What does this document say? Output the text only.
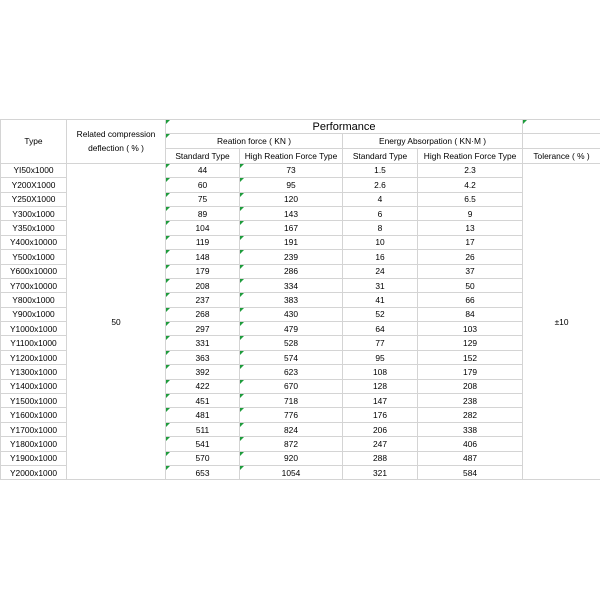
Type	Related compression deflection ( % )	Performance				
		Reation force ( KN )		Energy Absorpation ( KN·M )		
		Standard Type	High Reation Force Type	Standard Type	High Reation Force Type	Tolerance ( % )
YI50x1000	50	44	73	1.5	2.3	±10
Y200X1000		60	95	2.6	4.2	
Y250X1000		75	120	4	6.5	
Y300x1000		89	143	6	9	
Y350x1000		104	167	8	13	
Y400x10000		119	191	10	17	
Y500x1000		148	239	16	26	
Y600x10000		179	286	24	37	
Y700x10000		208	334	31	50	
Y800x1000		237	383	41	66	
Y900x1000		268	430	52	84	
Y1000x1000		297	479	64	103	
Y1100x1000		331	528	77	129	
Y1200x1000		363	574	95	152	
Y1300x1000		392	623	108	179	
Y1400x1000		422	670	128	208	
Y1500x1000		451	718	147	238	
Y1600x1000		481	776	176	282	
Y1700x1000		511	824	206	338	
Y1800x1000		541	872	247	406	
Y1900x1000		570	920	288	487	
Y2000x1000		653	1054	321	584	
